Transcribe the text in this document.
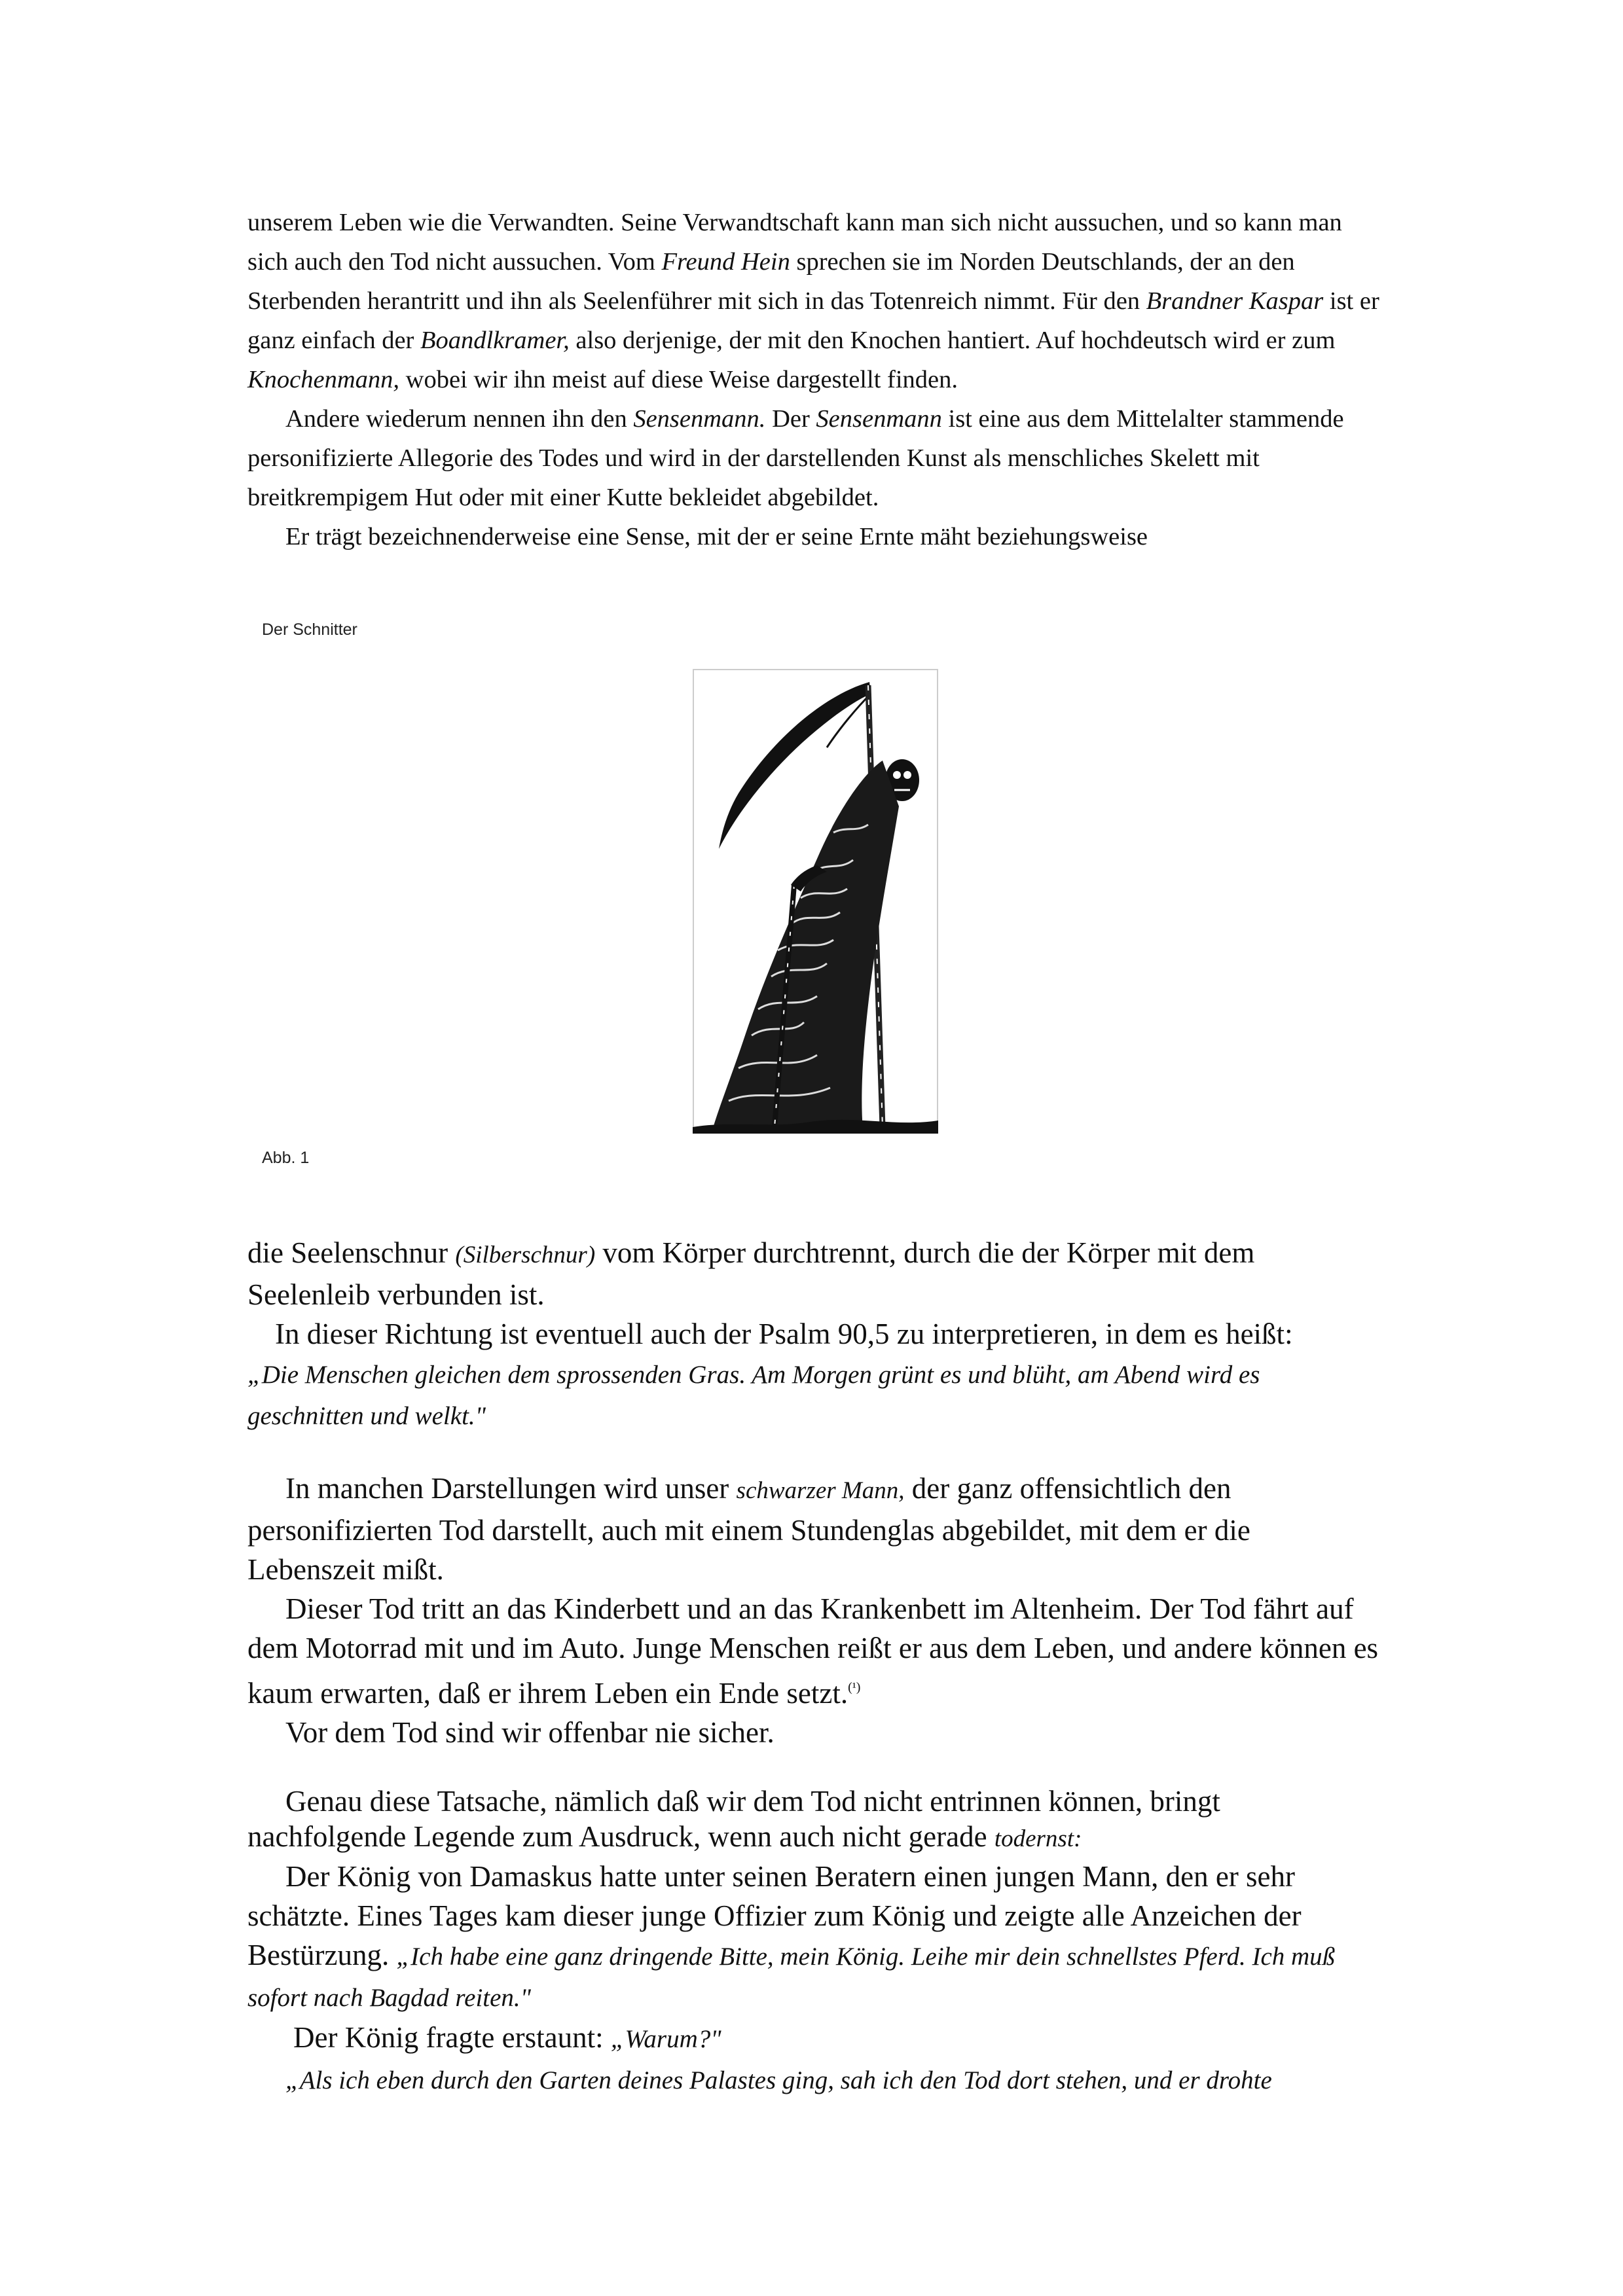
unserem Leben wie die Verwandten. Seine Verwandtschaft kann man sich nicht aussuchen, und so kann man sich auch den Tod nicht aussuchen. Vom Freund Hein sprechen sie im Norden Deutschlands, der an den Sterbenden herantritt und ihn als Seelenführer mit sich in das Totenreich nimmt. Für den Brandner Kaspar ist er ganz einfach der Boandlkramer, also derjenige, der mit den Knochen hantiert. Auf hochdeutsch wird er zum Knochenmann, wobei wir ihn meist auf diese Weise dargestellt finden.
Andere wiederum nennen ihn den Sensenmann. Der Sensenmann ist eine aus dem Mittelalter stammende personifizierte Allegorie des Todes und wird in der darstellenden Kunst als menschliches Skelett mit breitkrempigem Hut oder mit einer Kutte bekleidet abgebildet.
Er trägt bezeichnenderweise eine Sense, mit der er seine Ernte mäht beziehungsweise

Der Schnitter
Abb. 1

die Seelenschnur (Silberschnur) vom Körper durchtrennt, durch die der Körper mit dem Seelenleib verbunden ist.
In dieser Richtung ist eventuell auch der Psalm 90,5 zu interpretieren, in dem es heißt:
„Die Menschen gleichen dem sprossenden Gras. Am Morgen grünt es und blüht, am Abend wird es geschnitten und welkt."
In manchen Darstellungen wird unser schwarzer Mann, der ganz offensichtlich den personifizierten Tod darstellt, auch mit einem Stundenglas abgebildet, mit dem er die Lebenszeit mißt.
Dieser Tod tritt an das Kinderbett und an das Krankenbett im Altenheim. Der Tod fährt auf dem Motorrad mit und im Auto. Junge Menschen reißt er aus dem Leben, und andere können es kaum erwarten, daß er ihrem Leben ein Ende setzt.$^{(^1)}$
Vor dem Tod sind wir offenbar nie sicher.
Genau diese Tatsache, nämlich daß wir dem Tod nicht entrinnen können, bringt nachfolgende Legende zum Ausdruck, wenn auch nicht gerade todernst:
Der König von Damaskus hatte unter seinen Beratern einen jungen Mann, den er sehr schätzte. Eines Tages kam dieser junge Offizier zum König und zeigte alle Anzeichen der Bestürzung. „Ich habe eine ganz dringende Bitte, mein König. Leihe mir dein schnellstes Pferd. Ich muß sofort nach Bagdad reiten."
Der König fragte erstaunt: „Warum?"
„Als ich eben durch den Garten deines Palastes ging, sah ich den Tod dort stehen, und er drohte
